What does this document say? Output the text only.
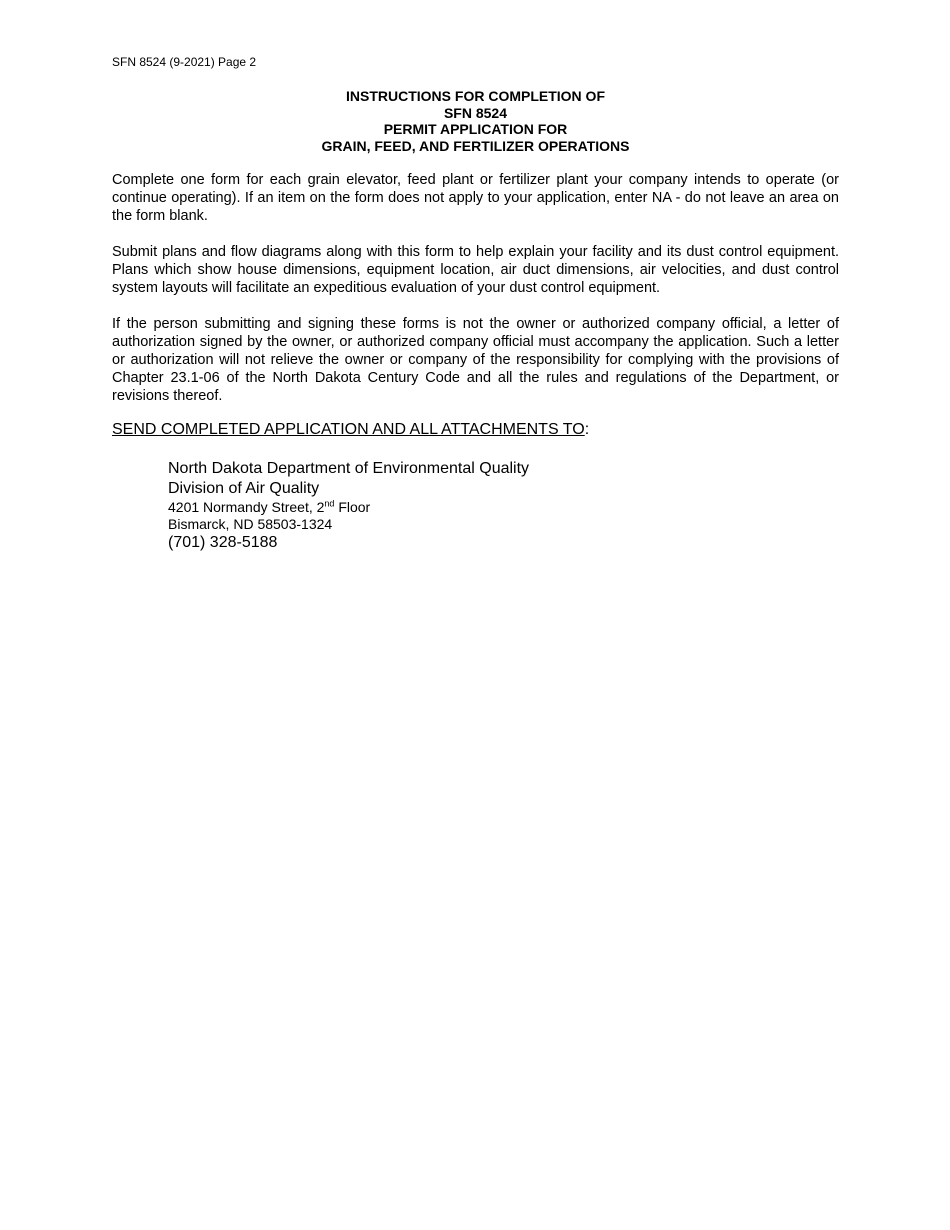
SFN 8524 (9-2021) Page 2
INSTRUCTIONS FOR COMPLETION OF
SFN 8524
PERMIT APPLICATION FOR
GRAIN, FEED, AND FERTILIZER OPERATIONS

Complete one form for each grain elevator, feed plant or fertilizer plant your company intends to operate (or continue operating). If an item on the form does not apply to your application, enter NA - do not leave an area on the form blank.

Submit plans and flow diagrams along with this form to help explain your facility and its dust control equipment. Plans which show house dimensions, equipment location, air duct dimensions, air velocities, and dust control system layouts will facilitate an expeditious evaluation of your dust control equipment.

If the person submitting and signing these forms is not the owner or authorized company official, a letter of authorization signed by the owner, or authorized company official must accompany the application. Such a letter or authorization will not relieve the owner or company of the responsibility for complying with the provisions of Chapter 23.1-06 of the North Dakota Century Code and all the rules and regulations of the Department, or revisions thereof.

SEND COMPLETED APPLICATION AND ALL ATTACHMENTS TO:
North Dakota Department of Environmental Quality
Division of Air Quality
4201 Normandy Street, 2nd Floor
Bismarck, ND 58503-1324
(701) 328-5188
